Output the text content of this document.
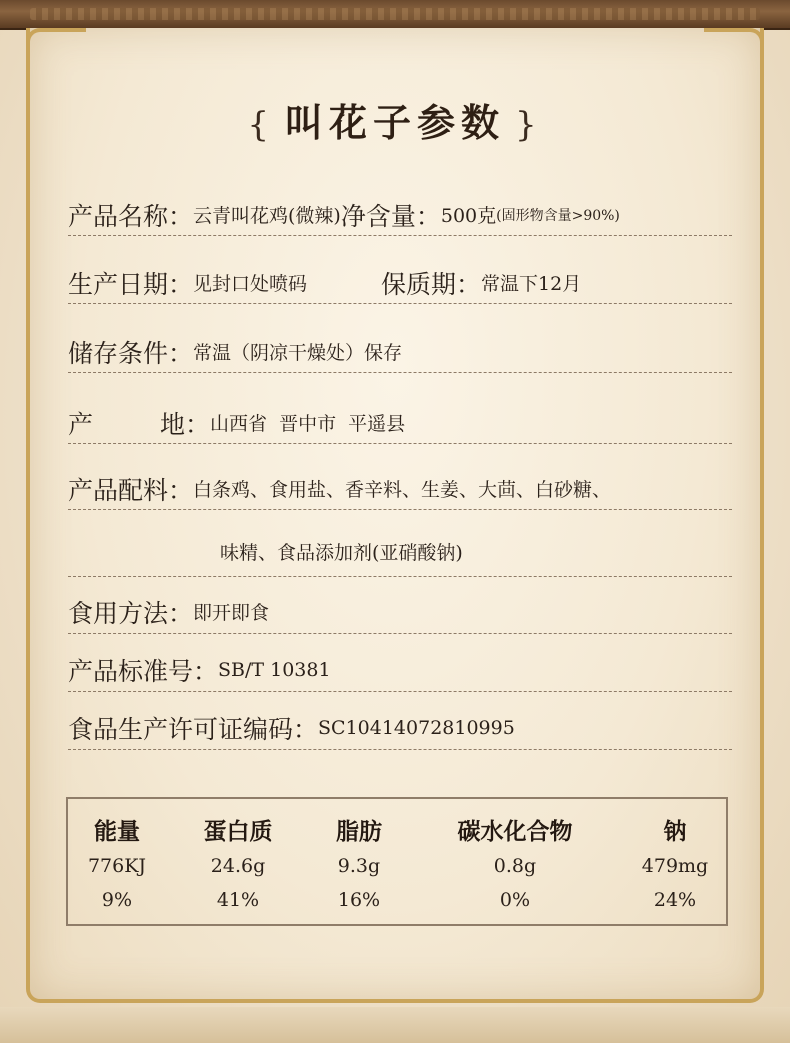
{ 叫花子参数 }
产品名称： 云青叫花鸡(微辣) 净含量： 500克 (固形物含量>90%)
生产日期： 见封口处喷码	保质期： 常温下12月
储存条件： 常温（阴凉干燥处）保存
产	地： 山西省  晋中市  平遥县
产品配料： 白条鸡、食用盐、香辛料、生姜、大茴、白砂糖、
味精、食品添加剂(亚硝酸钠)
食用方法： 即开即食
产品标准号： SB/T 10381
食品生产许可证编码： SC10414072810995
能量
776KJ
9%
蛋白质
24.6g
41%
脂肪
9.3g
16%
碳水化合物
0.8g
0%
钠
479mg
24%
